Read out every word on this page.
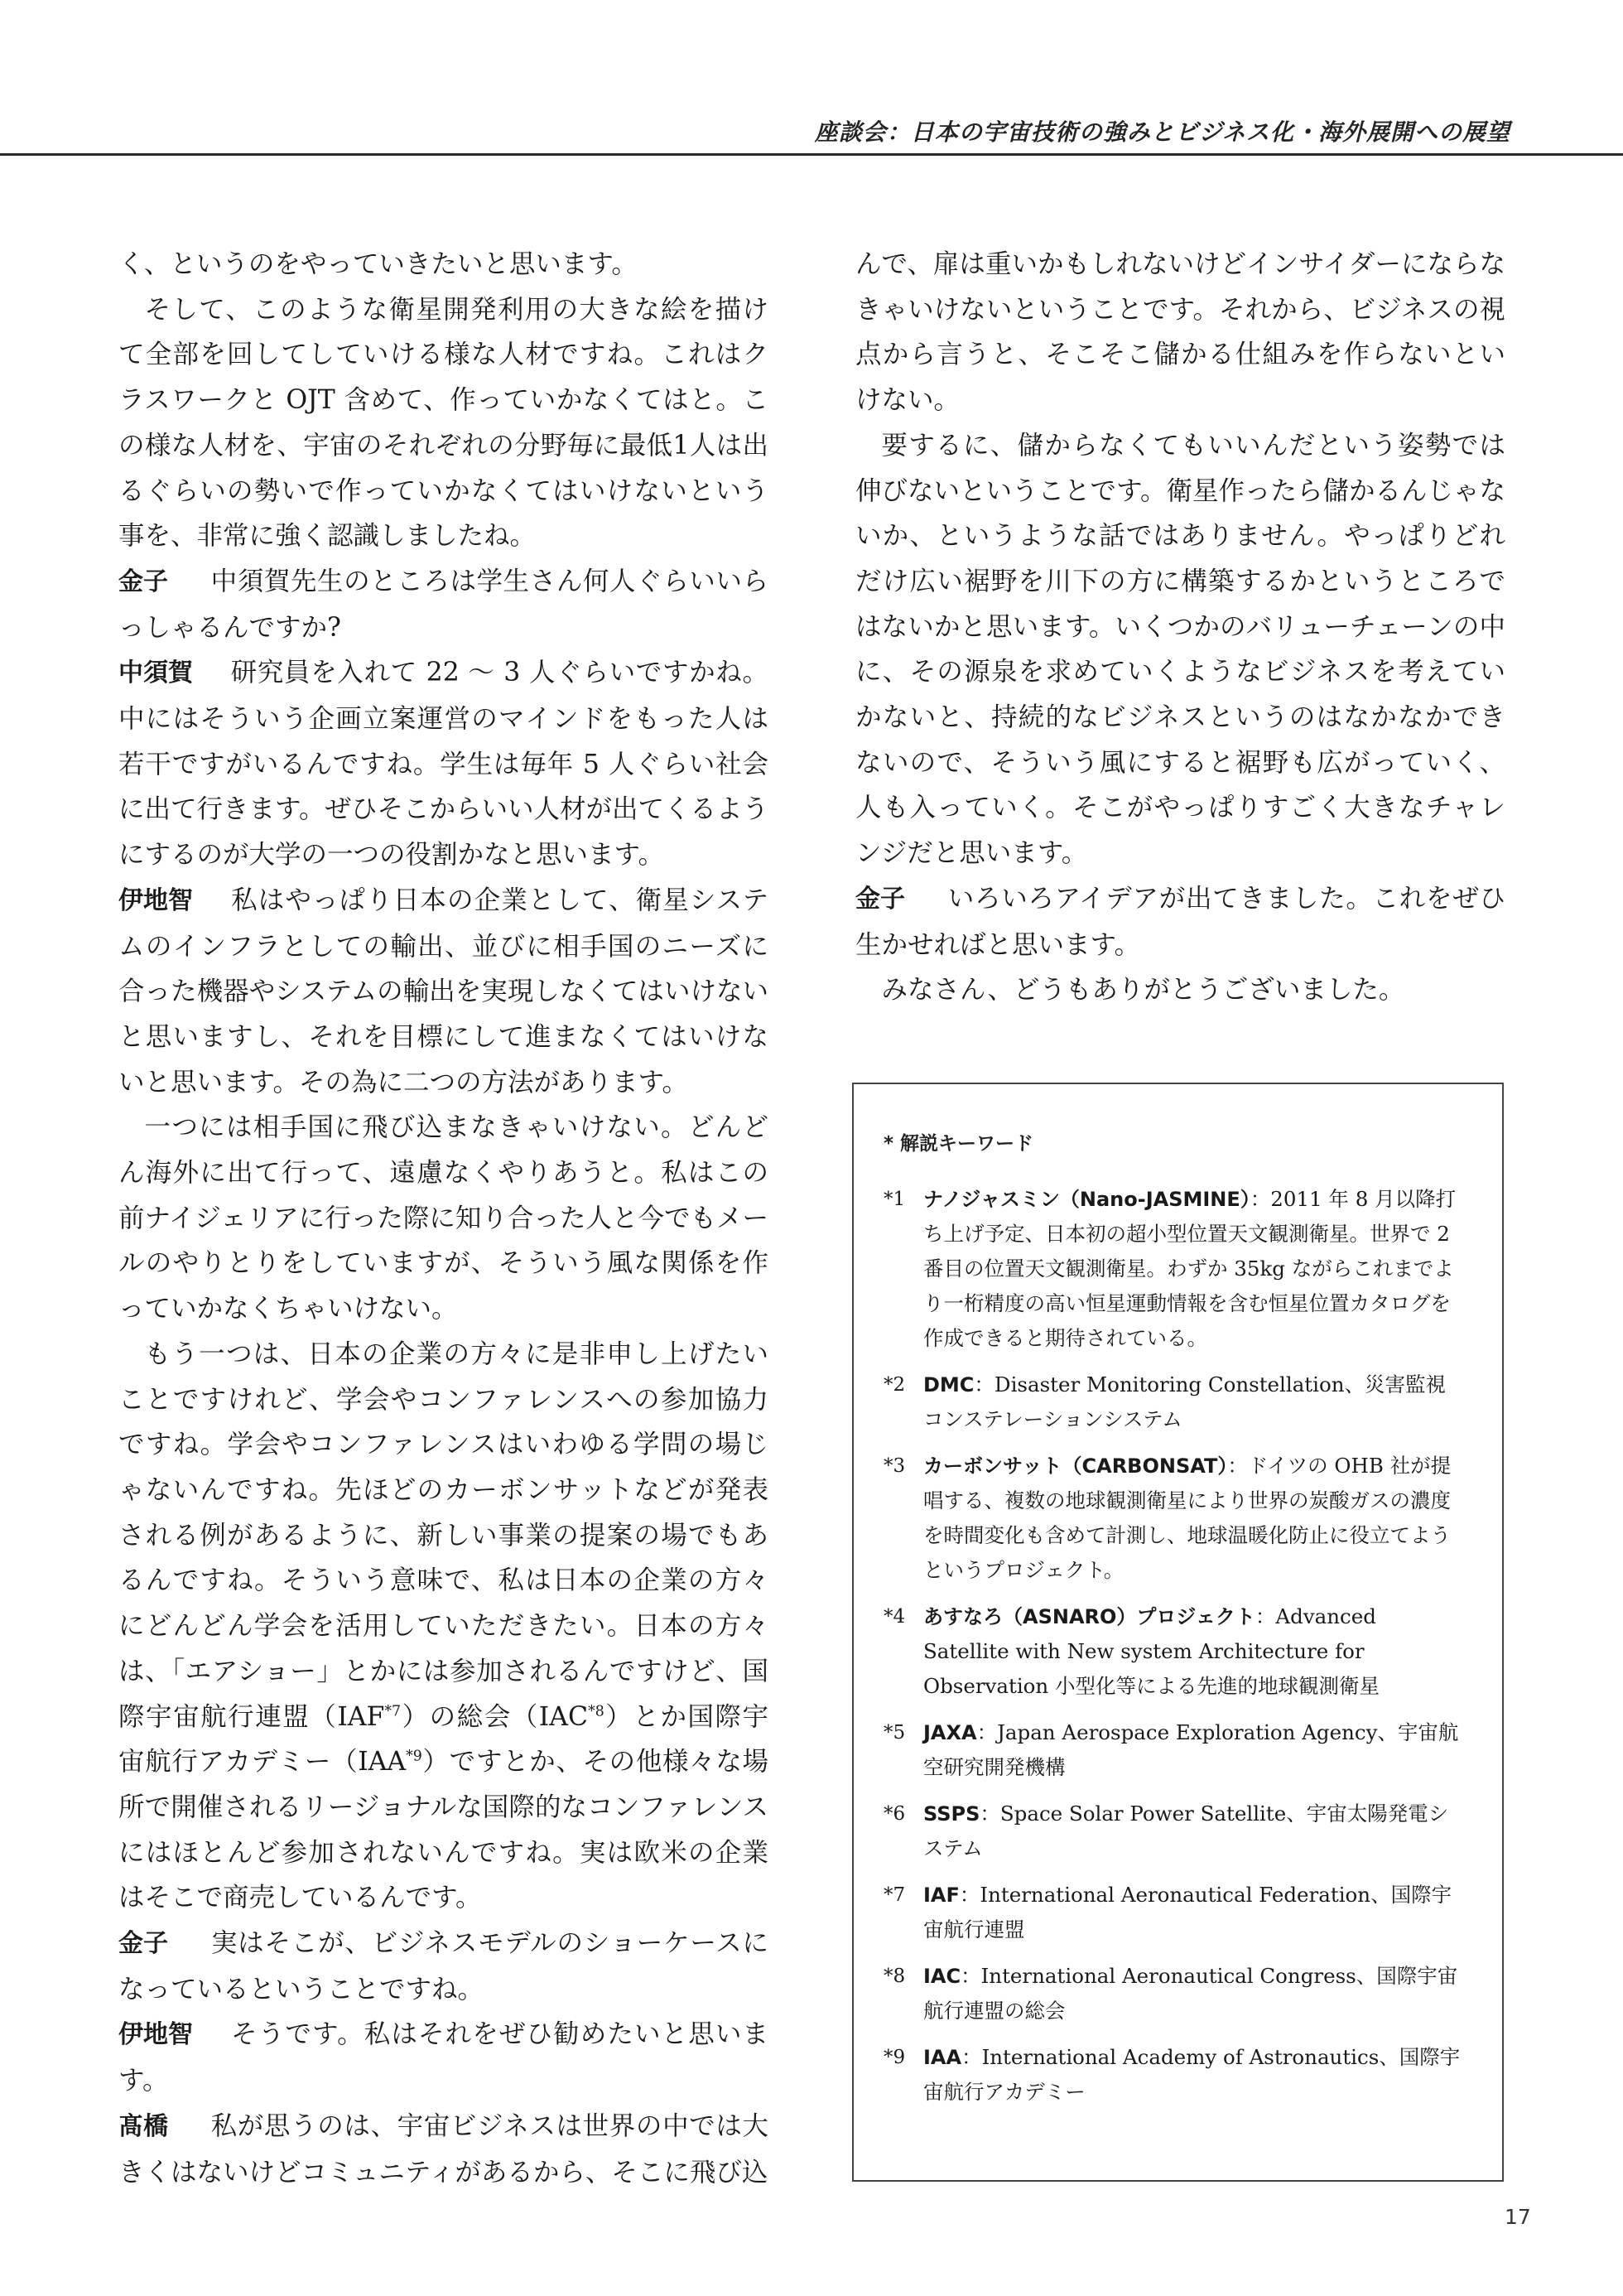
座談会：日本の宇宙技術の強みとビジネス化・海外展開への展望

く、というのをやっていきたいと思います。

そして、このような衛星開発利用の大きな絵を描けて全部を回してしていける様な人材ですね。これはクラスワークと OJT 含めて、作っていかなくてはと。この様な人材を、宇宙のそれぞれの分野毎に最低1人は出るぐらいの勢いで作っていかなくてはいけないという事を、非常に強く認識しましたね。

金子 中須賀先生のところは学生さん何人ぐらいいらっしゃるんですか?

中須賀 研究員を入れて 22 ～ 3 人ぐらいですかね。中にはそういう企画立案運営のマインドをもった人は若干ですがいるんですね。学生は毎年 5 人ぐらい社会に出て行きます。ぜひそこからいい人材が出てくるようにするのが大学の一つの役割かなと思います。

伊地智 私はやっぱり日本の企業として、衛星システムのインフラとしての輸出、並びに相手国のニーズに合った機器やシステムの輸出を実現しなくてはいけないと思いますし、それを目標にして進まなくてはいけないと思います。その為に二つの方法があります。

一つには相手国に飛び込まなきゃいけない。どんどん海外に出て行って、遠慮なくやりあうと。私はこの前ナイジェリアに行った際に知り合った人と今でもメールのやりとりをしていますが、そういう風な関係を作っていかなくちゃいけない。

もう一つは、日本の企業の方々に是非申し上げたいことですけれど、学会やコンファレンスへの参加協力ですね。学会やコンファレンスはいわゆる学問の場じゃないんですね。先ほどのカーボンサットなどが発表される例があるように、新しい事業の提案の場でもあるんですね。そういう意味で、私は日本の企業の方々にどんどん学会を活用していただきたい。日本の方々は、「エアショー」とかには参加されるんですけど、国際宇宙航行連盟（IAF$^{*7}$）の総会（IAC$^{*8}$）とか国際宇宙航行アカデミー（IAA$^{*9}$）ですとか、その他様々な場所で開催されるリージョナルな国際的なコンファレンスにはほとんど参加されないんですね。実は欧米の企業はそこで商売しているんです。

金子 実はそこが、ビジネスモデルのショーケースになっているということですね。

伊地智 そうです。私はそれをぜひ勧めたいと思います。

髙橋 私が思うのは、宇宙ビジネスは世界の中では大きくはないけどコミュニティがあるから、そこに飛び込

んで、扉は重いかもしれないけどインサイダーにならなきゃいけないということです。それから、ビジネスの視点から言うと、そこそこ儲かる仕組みを作らないといけない。

要するに、儲からなくてもいいんだという姿勢では伸びないということです。衛星作ったら儲かるんじゃないか、というような話ではありません。やっぱりどれだけ広い裾野を川下の方に構築するかというところではないかと思います。いくつかのバリューチェーンの中に、その源泉を求めていくようなビジネスを考えていかないと、持続的なビジネスというのはなかなかできないので、そういう風にすると裾野も広がっていく、人も入っていく。そこがやっぱりすごく大きなチャレンジだと思います。

金子 いろいろアイデアが出てきました。これをぜひ生かせればと思います。

みなさん、どうもありがとうございました。

* 解説キーワード
*1 ナノジャスミン（Nano-JASMINE）：2011 年 8 月以降打ち上げ予定、日本初の超小型位置天文観測衛星。世界で 2 番目の位置天文観測衛星。わずか 35kg ながらこれまでより一桁精度の高い恒星運動情報を含む恒星位置カタログを作成できると期待されている。
*2 DMC：Disaster Monitoring Constellation、災害監視コンステレーションシステム
*3 カーボンサット（CARBONSAT）：ドイツの OHB 社が提唱する、複数の地球観測衛星により世界の炭酸ガスの濃度を時間変化も含めて計測し、地球温暖化防止に役立てようというプロジェクト。
*4 あすなろ（ASNARO）プロジェクト：Advanced Satellite with New system Architecture for Observation 小型化等による先進的地球観測衛星
*5 JAXA：Japan Aerospace Exploration Agency、宇宙航空研究開発機構
*6 SSPS：Space Solar Power Satellite、宇宙太陽発電システム
*7 IAF：International Aeronautical Federation、国際宇宙航行連盟
*8 IAC：International Aeronautical Congress、国際宇宙航行連盟の総会
*9 IAA：International Academy of Astronautics、国際宇宙航行アカデミー
17
